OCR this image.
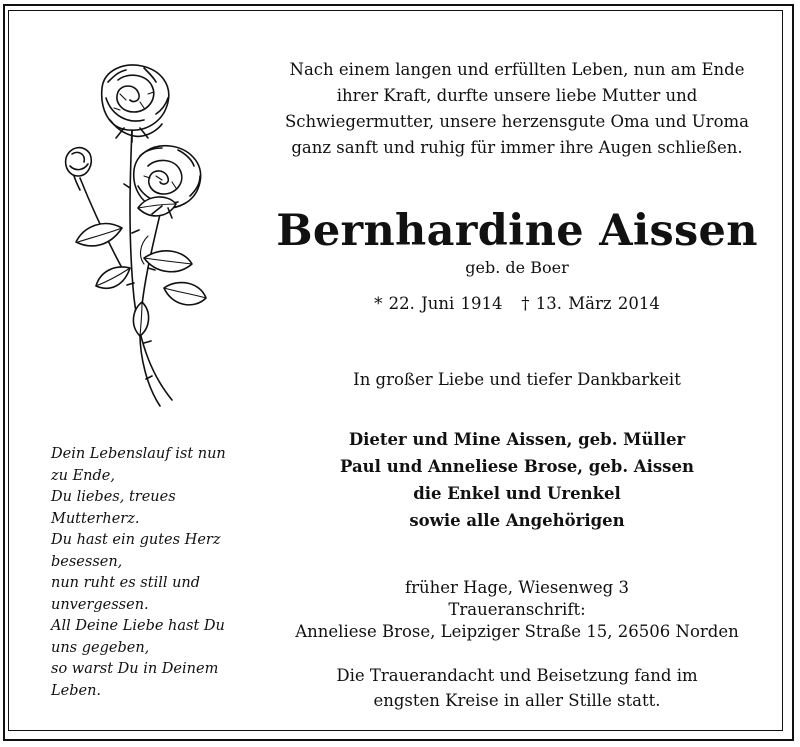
Dein Lebenslauf ist nun
zu Ende,
Du liebes, treues
Mutterherz.
Du hast ein gutes Herz
besessen,
nun ruht es still und
unvergessen.
All Deine Liebe hast Du
uns gegeben,
so warst Du in Deinem
Leben.
Nach einem langen und erfüllten Leben, nun am Ende
ihrer Kraft, durfte unsere liebe Mutter und
Schwiegermutter, unsere herzensgute Oma und Uroma
ganz sanft und ruhig für immer ihre Augen schließen.
Bernhardine Aissen
geb. de Boer
* 22. Juni 1914 † 13. März 2014
In großer Liebe und tiefer Dankbarkeit
Dieter und Mine Aissen, geb. Müller
Paul und Anneliese Brose, geb. Aissen
die Enkel und Urenkel
sowie alle Angehörigen
früher Hage, Wiesenweg 3
Traueranschrift:
Anneliese Brose, Leipziger Straße 15, 26506 Norden
Die Trauerandacht und Beisetzung fand im
engsten Kreise in aller Stille statt.
